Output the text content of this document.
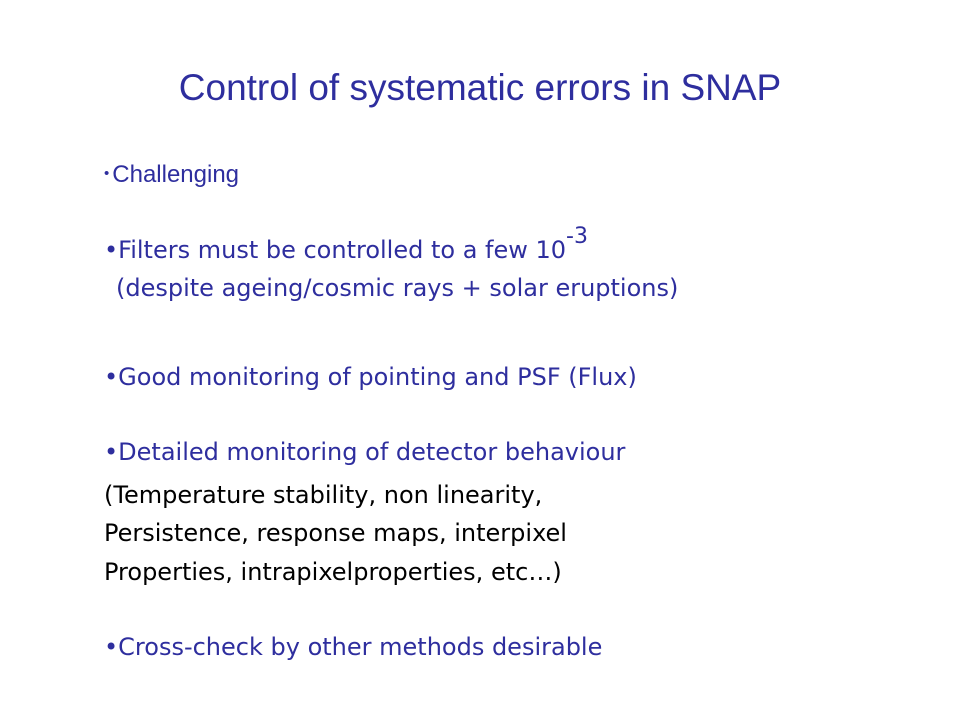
Control of systematic errors in SNAP
• Challenging
•Filters must be controlled to a few $10^{-3}$
(despite ageing/cosmic rays + solar eruptions)
•Good monitoring of pointing and PSF (Flux)
•Detailed monitoring of detector behaviour
(Temperature stability, non linearity,
Persistence, response maps, interpixel
Properties, intrapixelproperties, etc…)
•Cross-check by other methods desirable
